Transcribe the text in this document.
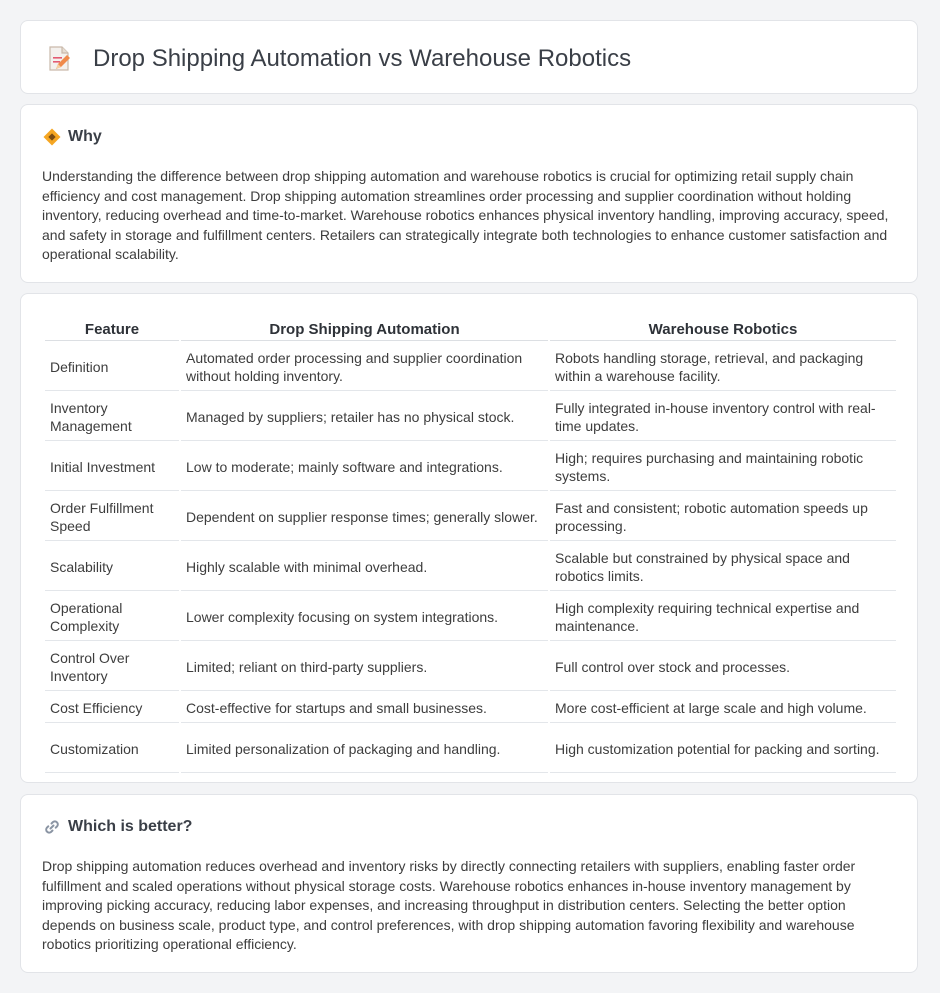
Drop Shipping Automation vs Warehouse Robotics
Why

Understanding the difference between drop shipping automation and warehouse robotics is crucial for optimizing retail supply chain efficiency and cost management. Drop shipping automation streamlines order processing and supplier coordination without holding inventory, reducing overhead and time-to-market. Warehouse robotics enhances physical inventory handling, improving accuracy, speed, and safety in storage and fulfillment centers. Retailers can strategically integrate both technologies to enhance customer satisfaction and operational scalability.

Feature	Drop Shipping Automation	Warehouse Robotics
Definition	Automated order processing and supplier coordination without holding inventory.	Robots handling storage, retrieval, and packaging within a warehouse facility.
Inventory Management	Managed by suppliers; retailer has no physical stock.	Fully integrated in-house inventory control with real-time updates.
Initial Investment	Low to moderate; mainly software and integrations.	High; requires purchasing and maintaining robotic systems.
Order Fulfillment Speed	Dependent on supplier response times; generally slower.	Fast and consistent; robotic automation speeds up processing.
Scalability	Highly scalable with minimal overhead.	Scalable but constrained by physical space and robotics limits.
Operational Complexity	Lower complexity focusing on system integrations.	High complexity requiring technical expertise and maintenance.
Control Over Inventory	Limited; reliant on third-party suppliers.	Full control over stock and processes.
Cost Efficiency	Cost-effective for startups and small businesses.	More cost-efficient at large scale and high volume.
Customization	Limited personalization of packaging and handling.	High customization potential for packing and sorting.
Which is better?

Drop shipping automation reduces overhead and inventory risks by directly connecting retailers with suppliers, enabling faster order fulfillment and scaled operations without physical storage costs. Warehouse robotics enhances in-house inventory management by improving picking accuracy, reducing labor expenses, and increasing throughput in distribution centers. Selecting the better option depends on business scale, product type, and control preferences, with drop shipping automation favoring flexibility and warehouse robotics prioritizing operational efficiency.
